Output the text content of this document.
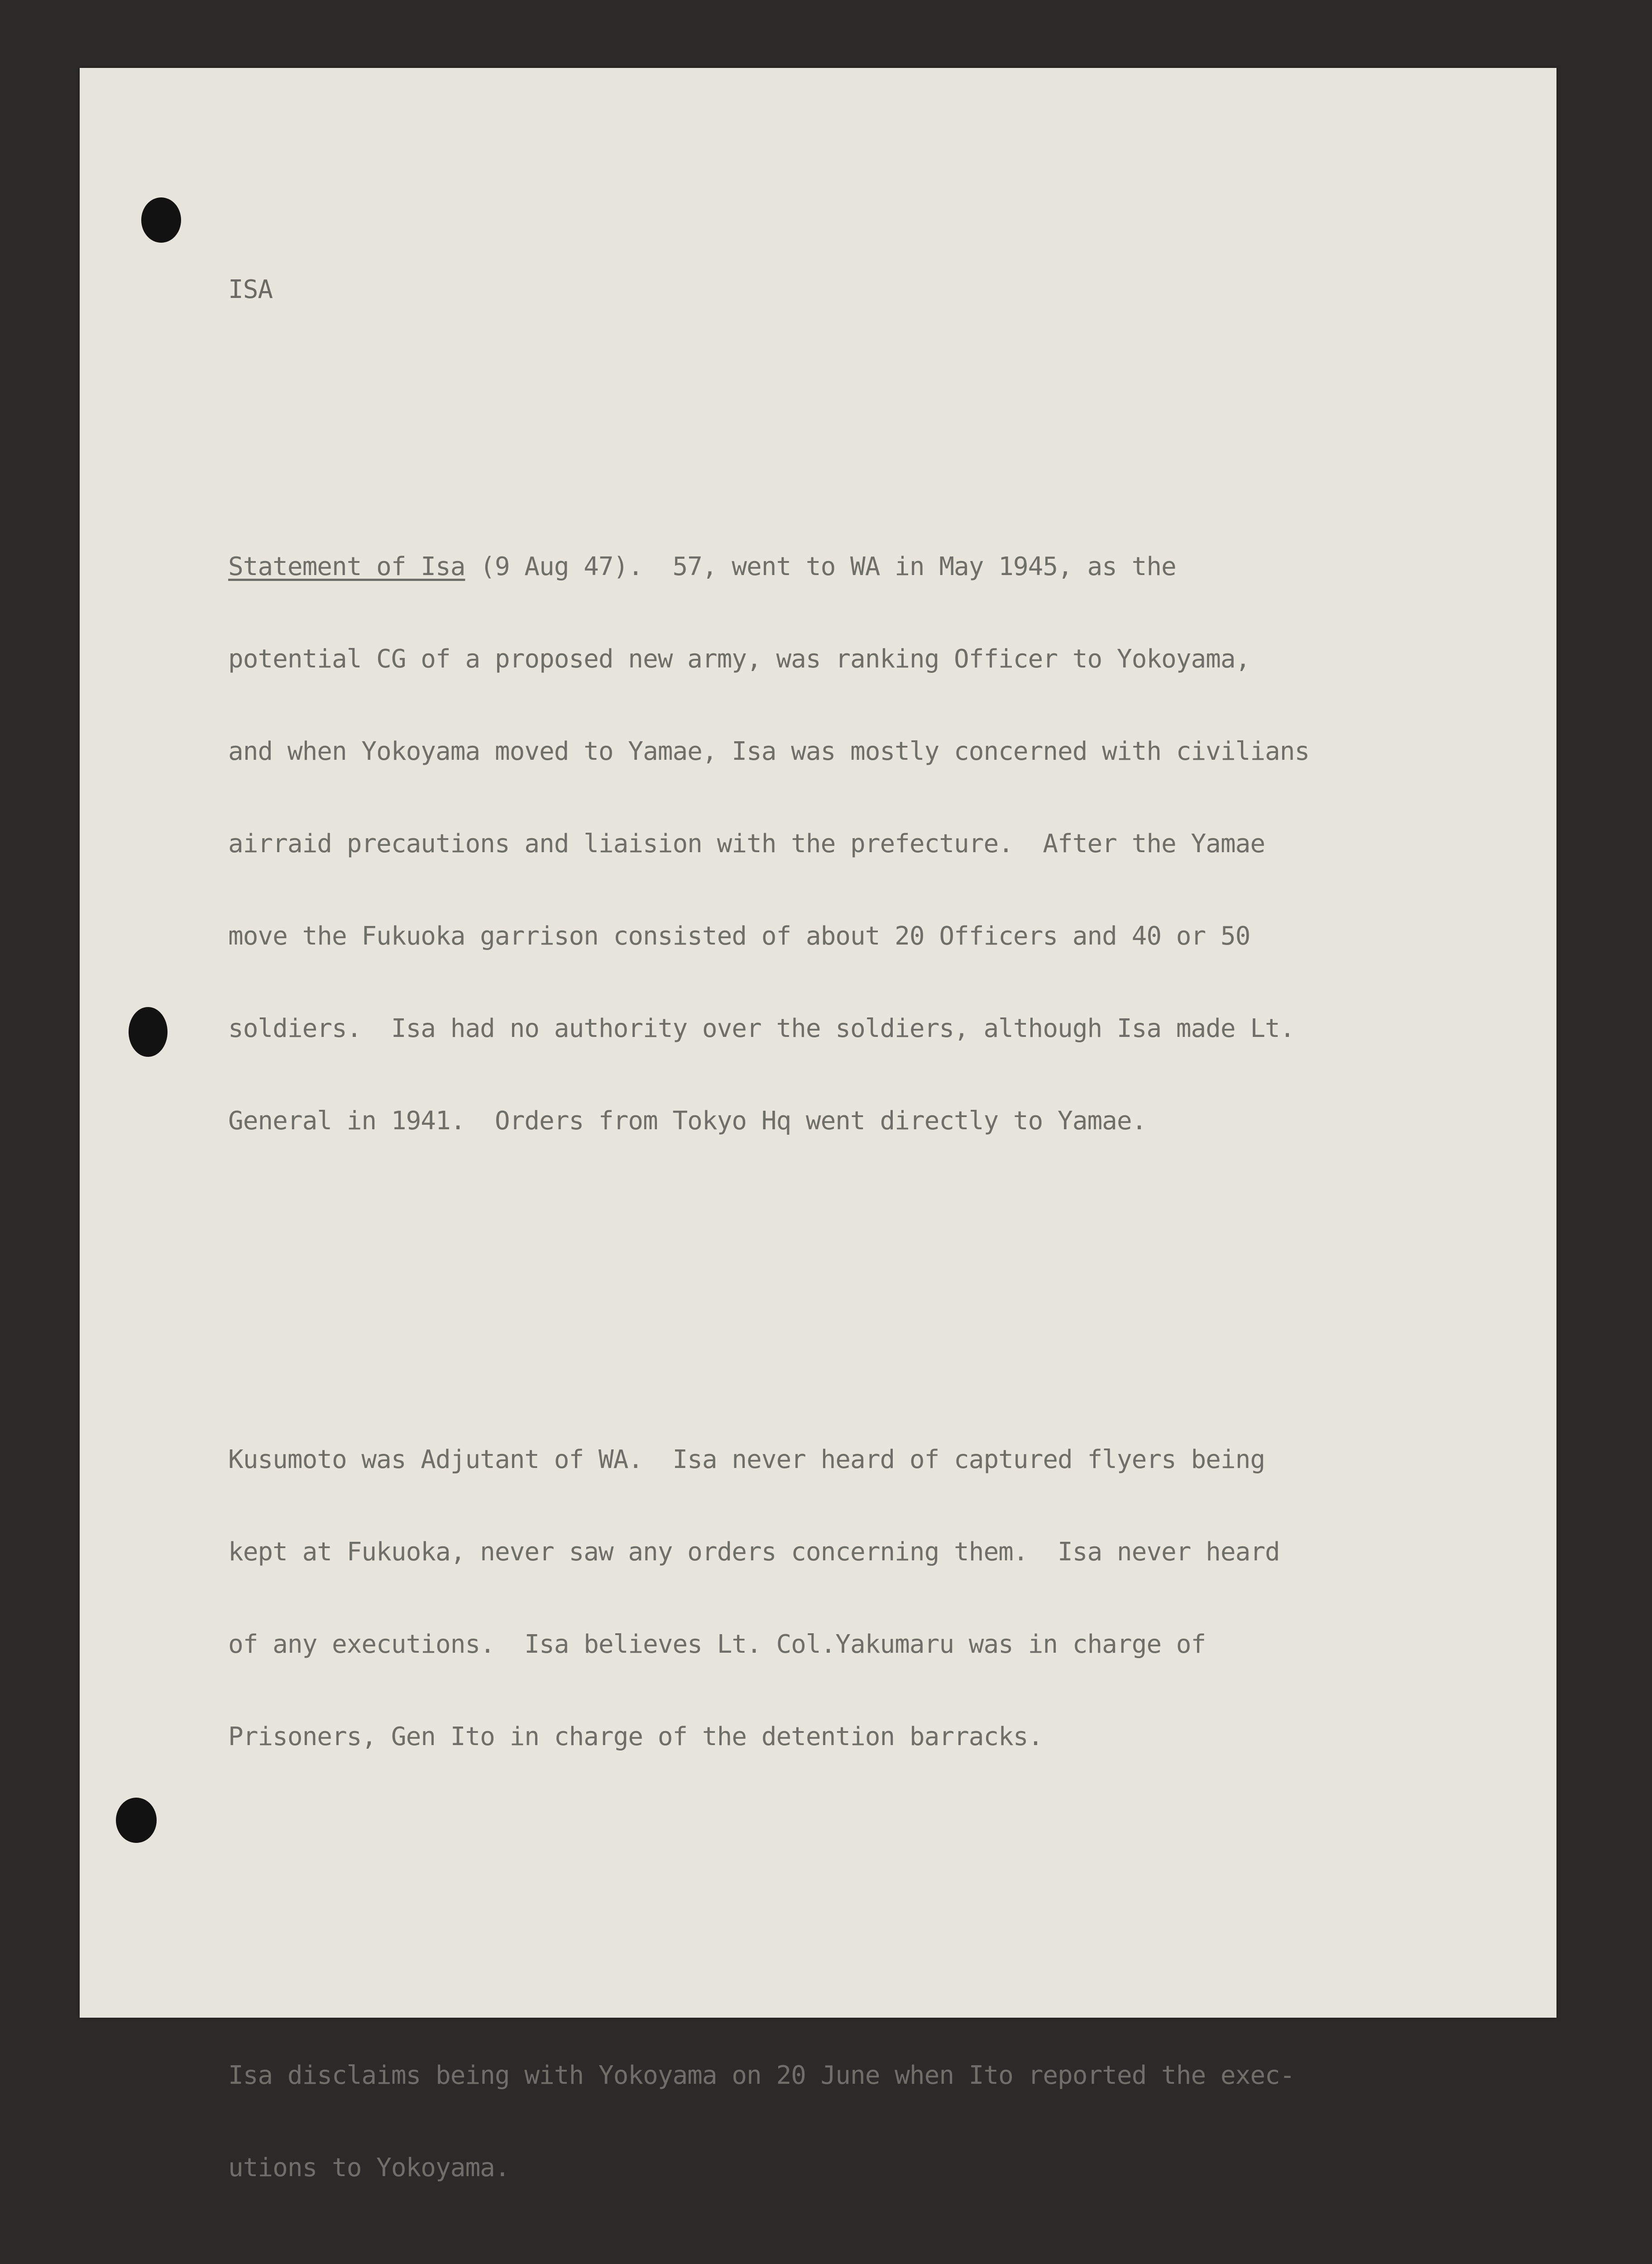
ISA

Statement of Isa (9 Aug 47).  57, went to WA in May 1945, as the

potential CG of a proposed new army, was ranking Officer to Yokoyama,

and when Yokoyama moved to Yamae, Isa was mostly concerned with civilians

airraid precautions and liaision with the prefecture.  After the Yamae

move the Fukuoka garrison consisted of about 20 Officers and 40 or 50

soldiers.  Isa had no authority over the soldiers, although Isa made Lt.

General in 1941.  Orders from Tokyo Hq went directly to Yamae.

Kusumoto was Adjutant of WA.  Isa never heard of captured flyers being

kept at Fukuoka, never saw any orders concerning them.  Isa never heard

of any executions.  Isa believes Lt. Col.Yakumaru was in charge of

Prisoners, Gen Ito in charge of the detention barracks.

Isa disclaims being with Yokoyama on 20 June when Ito reported the exec-

utions to Yokoyama.
